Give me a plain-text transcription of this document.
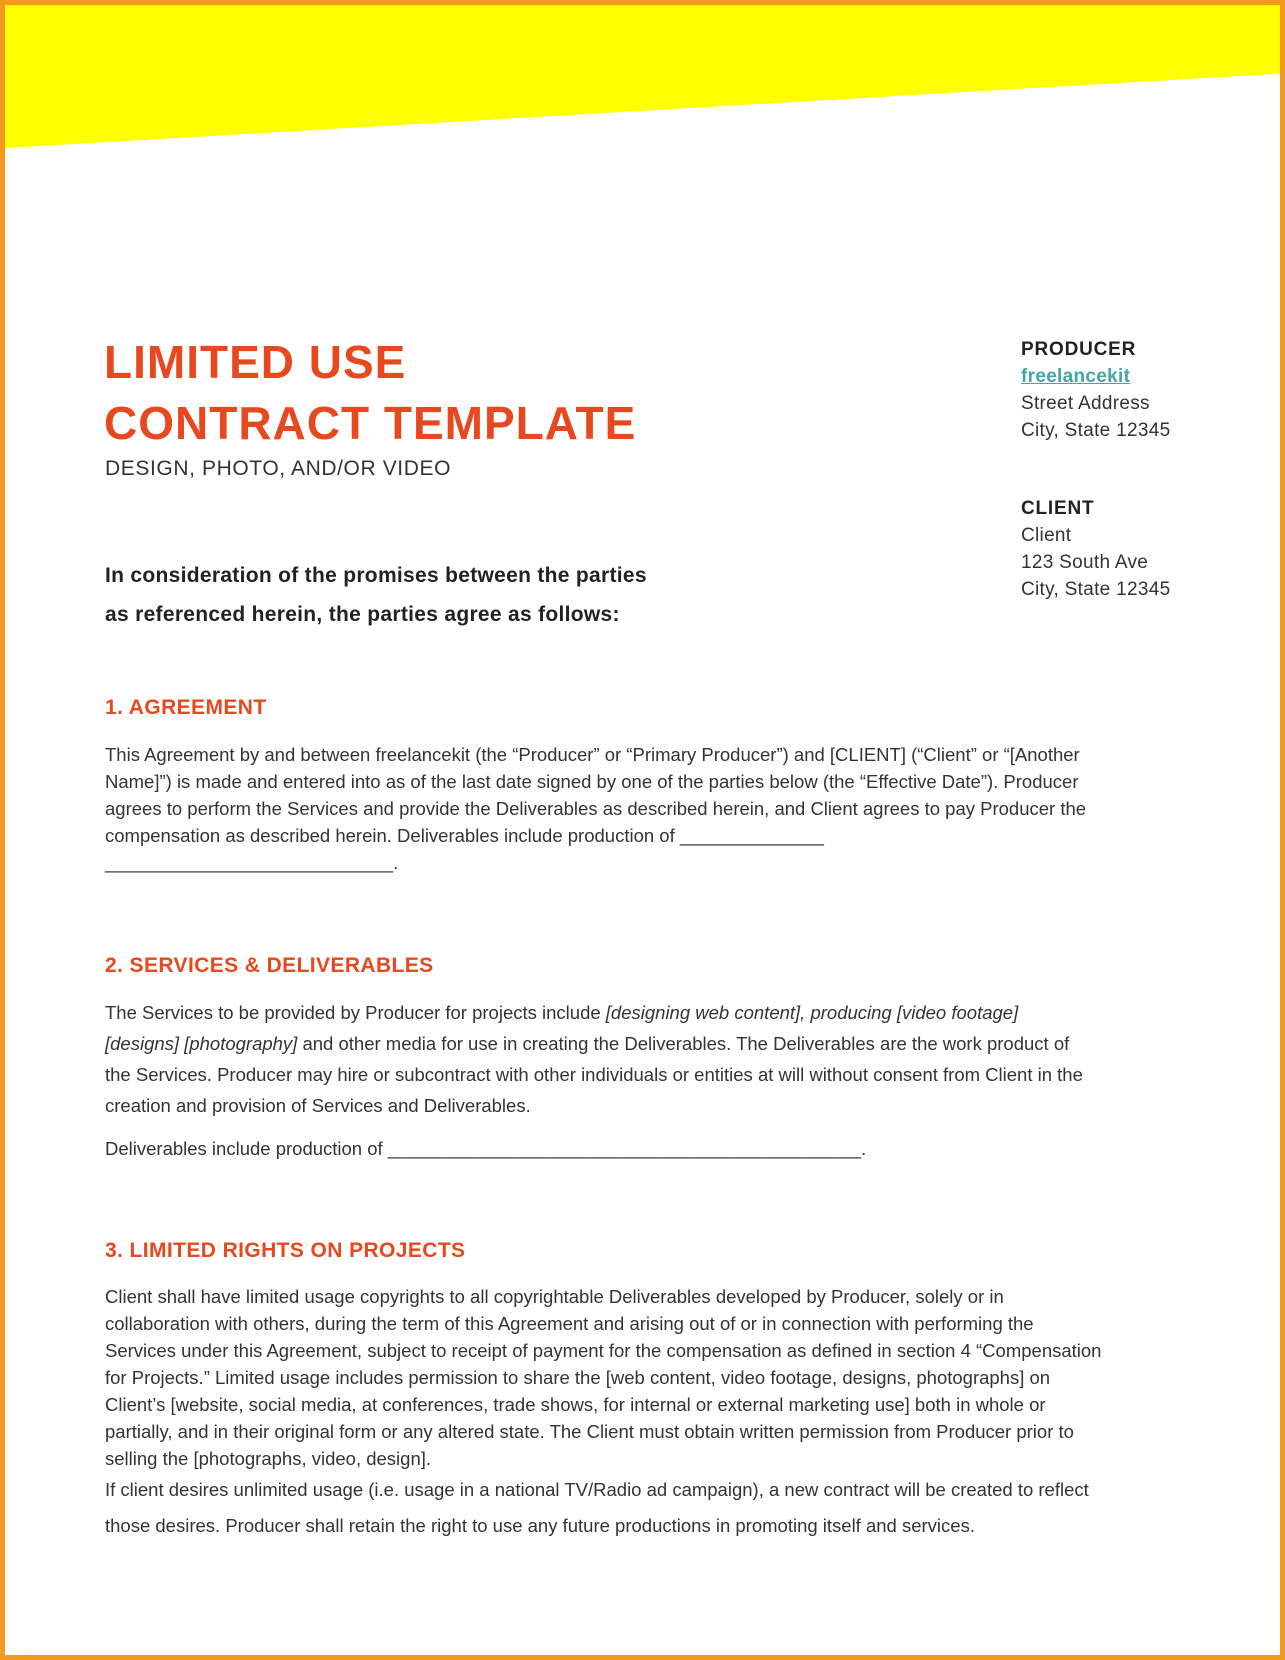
LIMITED USE
CONTRACT TEMPLATE
DESIGN, PHOTO, AND/OR VIDEO
In consideration of the promises between the parties
as referenced herein, the parties agree as follows:
PRODUCER
freelancekit
Street Address
City, State 12345
CLIENT
Client
123 South Ave
City, State 12345
1. AGREEMENT
This Agreement by and between freelancekit (the “Producer” or “Primary Producer”) and [CLIENT] (“Client” or “[Another
Name]”) is made and entered into as of the last date signed by one of the parties below (the “Effective Date”). Producer
agrees to perform the Services and provide the Deliverables as described herein, and Client agrees to pay Producer the
compensation as described herein. Deliverables include production of ______________
____________________________.
2. SERVICES & DELIVERABLES
The Services to be provided by Producer for projects include [designing web content], producing [video footage]
[designs] [photography] and other media for use in creating the Deliverables. The Deliverables are the work product of
the Services. Producer may hire or subcontract with other individuals or entities at will without consent from Client in the
creation and provision of Services and Deliverables.
Deliverables include production of ______________________________________________.
3. LIMITED RIGHTS ON PROJECTS
Client shall have limited usage copyrights to all copyrightable Deliverables developed by Producer, solely or in
collaboration with others, during the term of this Agreement and arising out of or in connection with performing the
Services under this Agreement, subject to receipt of payment for the compensation as defined in section 4 “Compensation
for Projects.” Limited usage includes permission to share the [web content, video footage, designs, photographs] on
Client’s [website, social media, at conferences, trade shows, for internal or external marketing use] both in whole or
partially, and in their original form or any altered state. The Client must obtain written permission from Producer prior to
selling the [photographs, video, design].
If client desires unlimited usage (i.e. usage in a national TV/Radio ad campaign), a new contract will be created to reflect
those desires. Producer shall retain the right to use any future productions in promoting itself and services.
